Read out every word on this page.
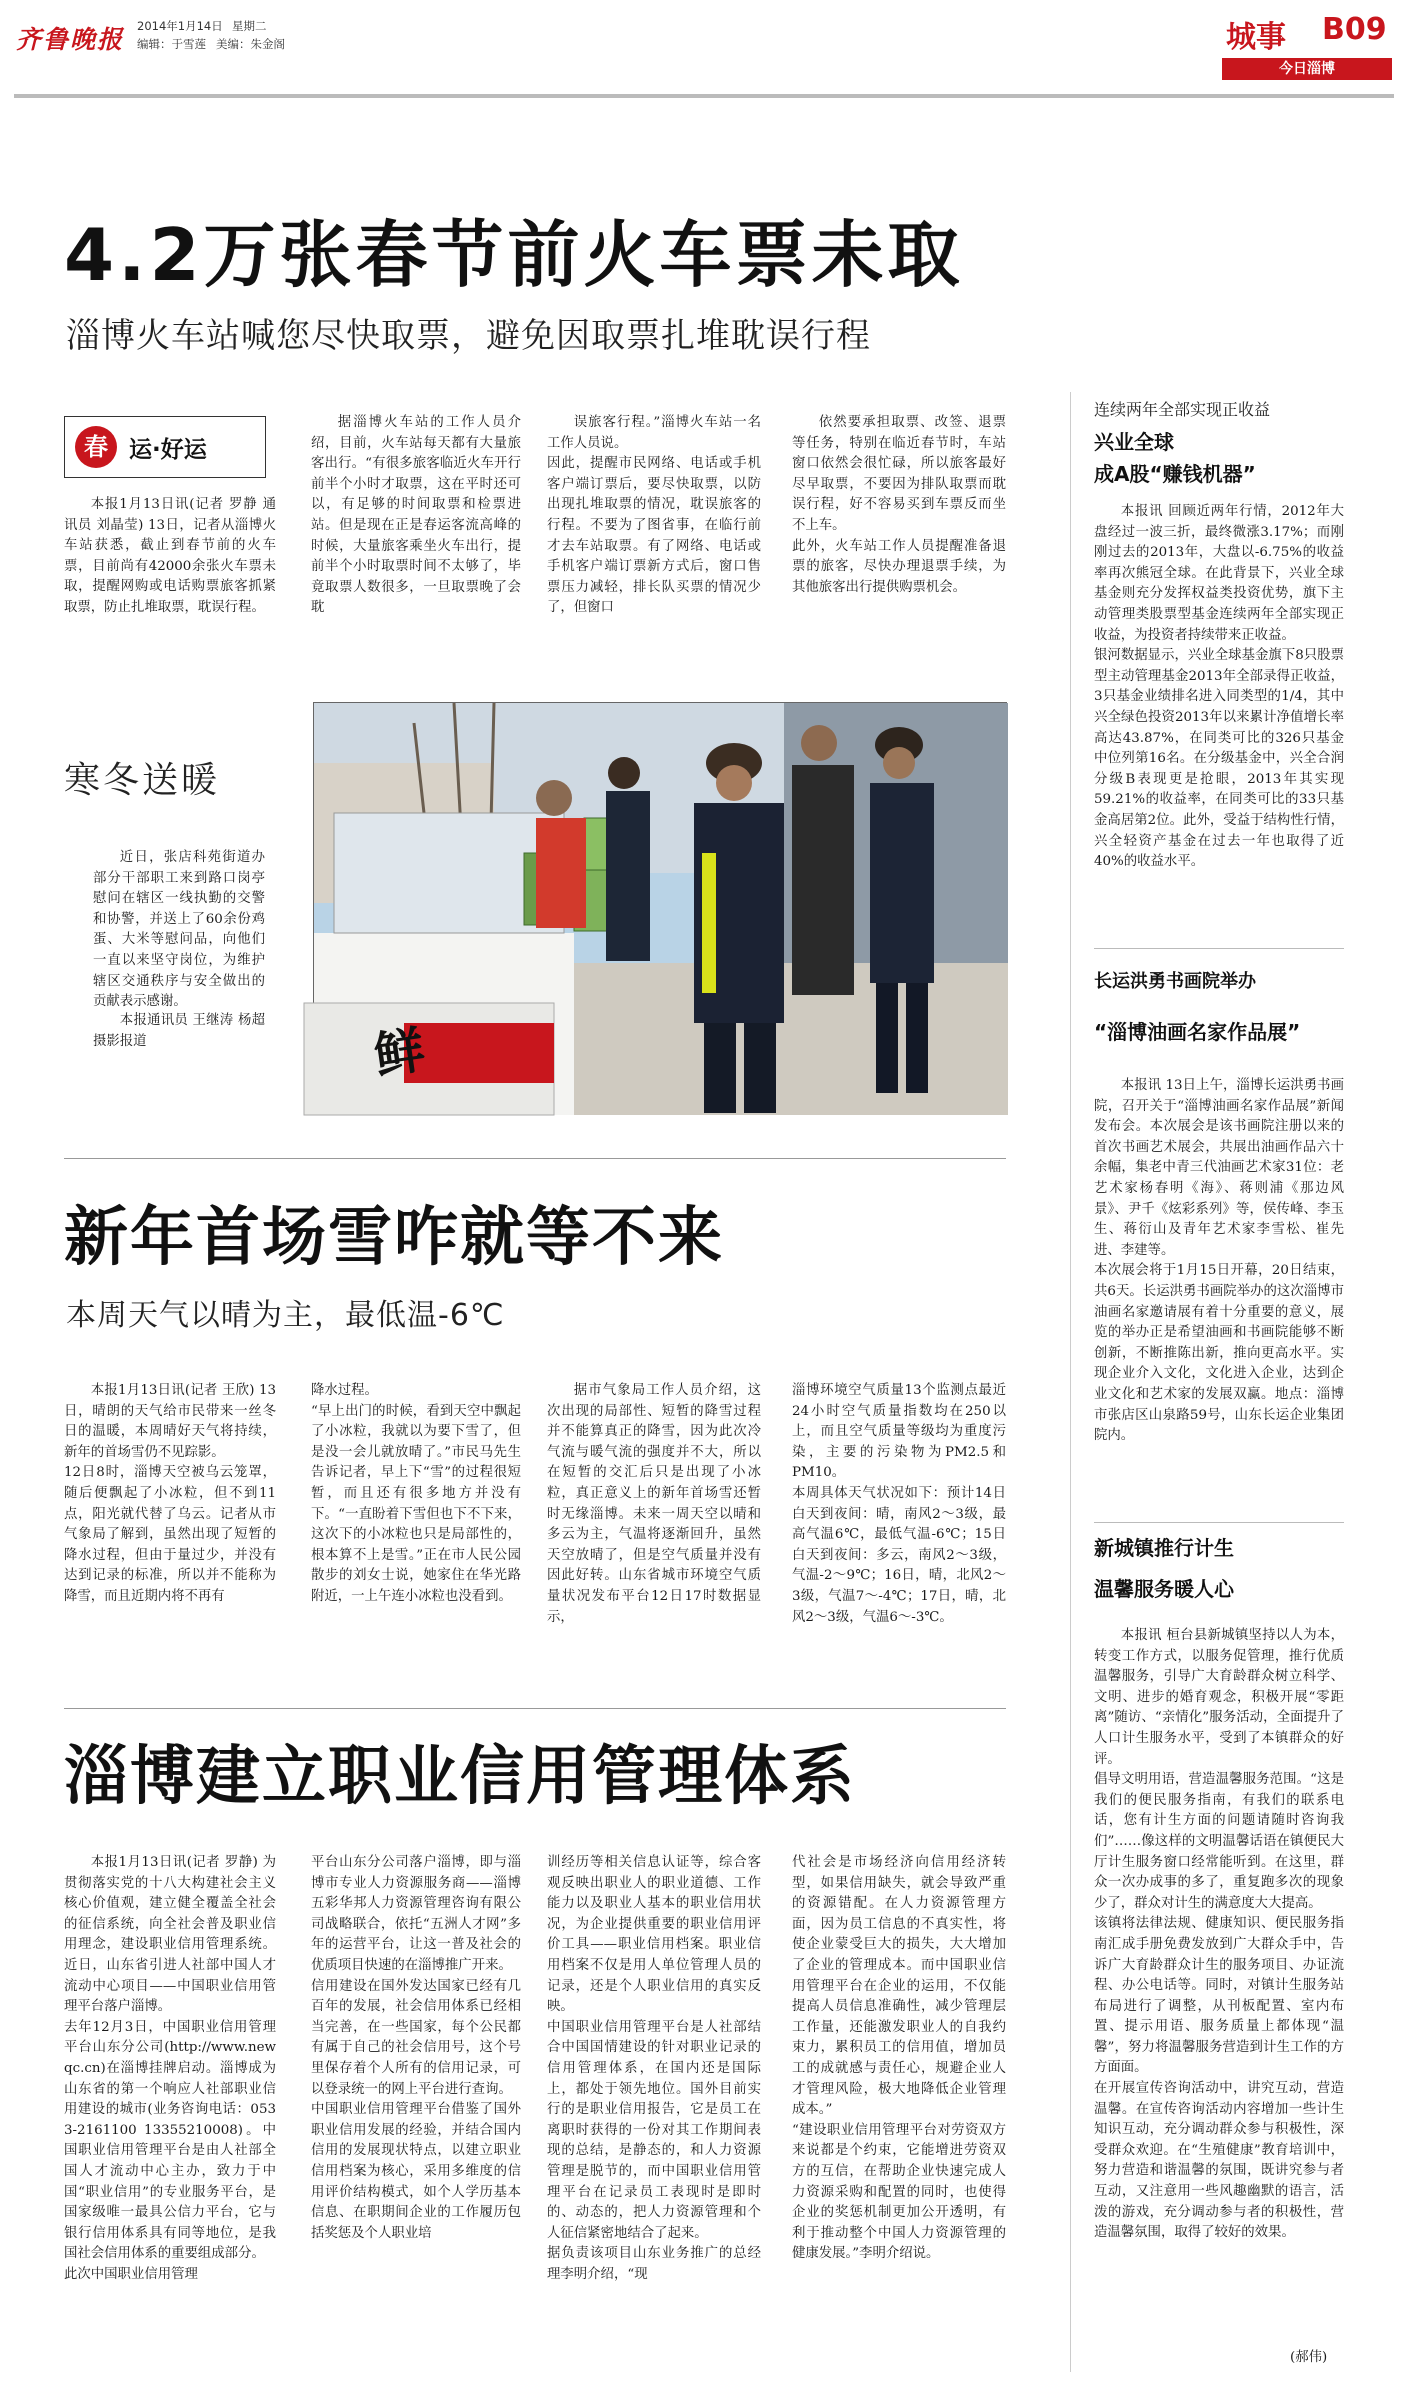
齐鲁晚报 2014年1月14日 星期二
编辑：于雪莲 美编：朱金阁	城事 B09
今日淄博
4.2万张春节前火车票未取
淄博火车站喊您尽快取票，避免因取票扎堆耽误行程
春 运·好运
本报1月13日讯(记者 罗静 通讯员 刘晶莹) 13日，记者从淄博火车站获悉，截止到春节前的火车票，目前尚有42000余张火车票未取，提醒网购或电话购票旅客抓紧取票，防止扎堆取票，耽误行程。
据淄博火车站的工作人员介绍，目前，火车站每天都有大量旅客出行。“有很多旅客临近火车开行前半个小时才取票，这在平时还可以，有足够的时间取票和检票进站。但是现在正是春运客流高峰的时候，大量旅客乘坐火车出行，提前半个小时取票时间不太够了，毕竟取票人数很多，一旦取票晚了会耽
误旅客行程。”淄博火车站一名工作人员说。
因此，提醒市民网络、电话或手机客户端订票后，要尽快取票，以防出现扎堆取票的情况，耽误旅客的行程。不要为了图省事，在临行前才去车站取票。有了网络、电话或手机客户端订票新方式后，窗口售票压力减轻，排长队买票的情况少了，但窗口
依然要承担取票、改签、退票等任务，特别在临近春节时，车站窗口依然会很忙碌，所以旅客最好尽早取票，不要因为排队取票而耽误行程，好不容易买到车票反而坐不上车。
此外，火车站工作人员提醒准备退票的旅客，尽快办理退票手续，为其他旅客出行提供购票机会。
寒冬送暖
近日，张店科苑街道办部分干部职工来到路口岗亭慰问在辖区一线执勤的交警和协警，并送上了60余份鸡蛋、大米等慰问品，向他们一直以来坚守岗位，为维护辖区交通秩序与安全做出的贡献表示感谢。
本报通讯员 王继涛 杨超 摄影报道	鲜
新年首场雪咋就等不来
本周天气以晴为主，最低温-6℃
本报1月13日讯(记者 王欣) 13日，晴朗的天气给市民带来一丝冬日的温暖，本周晴好天气将持续，新年的首场雪仍不见踪影。
12日8时，淄博天空被乌云笼罩，随后便飘起了小冰粒，但不到11点，阳光就代替了乌云。记者从市气象局了解到，虽然出现了短暂的降水过程，但由于量过少，并没有达到记录的标准，所以并不能称为降雪，而且近期内将不再有
降水过程。
“早上出门的时候，看到天空中飘起了小冰粒，我就以为要下雪了，但是没一会儿就放晴了。”市民马先生告诉记者，早上下“雪”的过程很短暂，而且还有很多地方并没有下。“一直盼着下雪但也下不下来，这次下的小冰粒也只是局部性的，根本算不上是雪。”正在市人民公园散步的刘女士说，她家住在华光路附近，一上午连小冰粒也没看到。
据市气象局工作人员介绍，这次出现的局部性、短暂的降雪过程并不能算真正的降雪，因为此次冷气流与暖气流的强度并不大，所以在短暂的交汇后只是出现了小冰粒，真正意义上的新年首场雪还暂时无缘淄博。未来一周天空以晴和多云为主，气温将逐渐回升，虽然天空放晴了，但是空气质量并没有因此好转。山东省城市环境空气质量状况发布平台12日17时数据显示，
淄博环境空气质量13个监测点最近24小时空气质量指数均在250以上，而且空气质量等级均为重度污染，主要的污染物为PM2.5和PM10。
本周具体天气状况如下：预计14日白天到夜间：晴，南风2～3级，最高气温6℃，最低气温-6℃；15日白天到夜间：多云，南风2～3级，气温-2～9℃；16日，晴，北风2～3级，气温7～-4℃；17日，晴，北风2～3级，气温6～-3℃。
淄博建立职业信用管理体系
本报1月13日讯(记者 罗静) 为贯彻落实党的十八大构建社会主义核心价值观，建立健全覆盖全社会的征信系统，向全社会普及职业信用理念，建设职业信用管理系统。近日，山东省引进人社部中国人才流动中心项目——中国职业信用管理平台落户淄博。
去年12月3日，中国职业信用管理平台山东分公司(http://www.newqc.cn)在淄博挂牌启动。淄博成为山东省的第一个响应人社部职业信用建设的城市(业务咨询电话：0533-2161100 13355210008)。中国职业信用管理平台是由人社部全国人才流动中心主办，致力于中国“职业信用”的专业服务平台，是国家级唯一最具公信力平台，它与银行信用体系具有同等地位，是我国社会信用体系的重要组成部分。
此次中国职业信用管理
平台山东分公司落户淄博，即与淄博市专业人力资源服务商——淄博五彩华邦人力资源管理咨询有限公司战略联合，依托“五洲人才网”多年的运营平台，让这一普及社会的优质项目快速的在淄博推广开来。
信用建设在国外发达国家已经有几百年的发展，社会信用体系已经相当完善，在一些国家，每个公民都有属于自己的社会信用号，这个号里保存着个人所有的信用记录，可以登录统一的网上平台进行查询。
中国职业信用管理平台借鉴了国外职业信用发展的经验，并结合国内信用的发展现状特点，以建立职业信用档案为核心，采用多维度的信用评价结构模式，如个人学历基本信息、在职期间企业的工作履历包括奖惩及个人职业培
训经历等相关信息认证等，综合客观反映出职业人的职业道德、工作能力以及职业人基本的职业信用状况，为企业提供重要的职业信用评价工具——职业信用档案。职业信用档案不仅是用人单位管理人员的记录，还是个人职业信用的真实反映。
中国职业信用管理平台是人社部结合中国国情建设的针对职业记录的信用管理体系，在国内还是国际上，都处于领先地位。国外目前实行的是职业信用报告，它是员工在离职时获得的一份对其工作期间表现的总结，是静态的，和人力资源管理是脱节的，而中国职业信用管理平台在记录员工表现时是即时的、动态的，把人力资源管理和个人征信紧密地结合了起来。
据负责该项目山东业务推广的总经理李明介绍，“现
代社会是市场经济向信用经济转型，如果信用缺失，就会导致严重的资源错配。在人力资源管理方面，因为员工信息的不真实性，将使企业蒙受巨大的损失，大大增加了企业的管理成本。而中国职业信用管理平台在企业的运用，不仅能提高人员信息准确性，减少管理层工作量，还能激发职业人的自我约束力，累积员工的信用值，增加员工的成就感与责任心，规避企业人才管理风险，极大地降低企业管理成本。”
“建设职业信用管理平台对劳资双方来说都是个约束，它能增进劳资双方的互信，在帮助企业快速完成人力资源采购和配置的同时，也使得企业的奖惩机制更加公开透明，有利于推动整个中国人力资源管理的健康发展。”李明介绍说。
连续两年全部实现正收益
兴业全球
成A股“赚钱机器”
本报讯 回顾近两年行情，2012年大盘经过一波三折，最终微涨3.17%；而刚刚过去的2013年，大盘以-6.75%的收益率再次熊冠全球。在此背景下，兴业全球基金则充分发挥权益类投资优势，旗下主动管理类股票型基金连续两年全部实现正收益，为投资者持续带来正收益。
银河数据显示，兴业全球基金旗下8只股票型主动管理基金2013年全部录得正收益，3只基金业绩排名进入同类型的1/4，其中兴全绿色投资2013年以来累计净值增长率高达43.87%，在同类可比的326只基金中位列第16名。在分级基金中，兴全合润分级B表现更是抢眼，2013年其实现59.21%的收益率，在同类可比的33只基金高居第2位。此外，受益于结构性行情，兴全轻资产基金在过去一年也取得了近40%的收益水平。
长运洪勇书画院举办
“淄博油画名家作品展”
本报讯 13日上午，淄博长运洪勇书画院，召开关于“淄博油画名家作品展”新闻发布会。本次展会是该书画院注册以来的首次书画艺术展会，共展出油画作品六十余幅，集老中青三代油画艺术家31位：老艺术家杨春明《海》、蒋则浦《那边风景》、尹千《炫彩系列》等，侯传峰、李玉生、蒋衍山及青年艺术家李雪松、崔先进、李建等。
本次展会将于1月15日开幕，20日结束，共6天。长运洪勇书画院举办的这次淄博市油画名家邀请展有着十分重要的意义，展览的举办正是希望油画和书画院能够不断创新，不断推陈出新，推向更高水平。实现企业介入文化，文化进入企业，达到企业文化和艺术家的发展双赢。地点：淄博市张店区山泉路59号，山东长运企业集团院内。
新城镇推行计生
温馨服务暖人心
本报讯 桓台县新城镇坚持以人为本，转变工作方式，以服务促管理，推行优质温馨服务，引导广大育龄群众树立科学、文明、进步的婚育观念，积极开展“零距离”随访、“亲情化”服务活动，全面提升了人口计生服务水平，受到了本镇群众的好评。
倡导文明用语，营造温馨服务范围。“这是我们的便民服务指南，有我们的联系电话，您有计生方面的问题请随时咨询我们”……像这样的文明温馨话语在镇便民大厅计生服务窗口经常能听到。在这里，群众一次办成事的多了，重复跑多次的现象少了，群众对计生的满意度大大提高。
该镇将法律法规、健康知识、便民服务指南汇成手册免费发放到广大群众手中，告诉广大育龄群众计生的服务项目、办证流程、办公电话等。同时，对镇计生服务站布局进行了调整，从刊板配置、室内布置、提示用语、服务质量上都体现“温馨”，努力将温馨服务营造到计生工作的方方面面。
在开展宣传咨询活动中，讲究互动，营造温馨。在宣传咨询活动内容增加一些计生知识互动，充分调动群众参与积极性，深受群众欢迎。在“生殖健康”教育培训中，努力营造和谐温馨的氛围，既讲究参与者互动，又注意用一些风趣幽默的语言，活泼的游戏，充分调动参与者的积极性，营造温馨氛围，取得了较好的效果。
(郝伟)
